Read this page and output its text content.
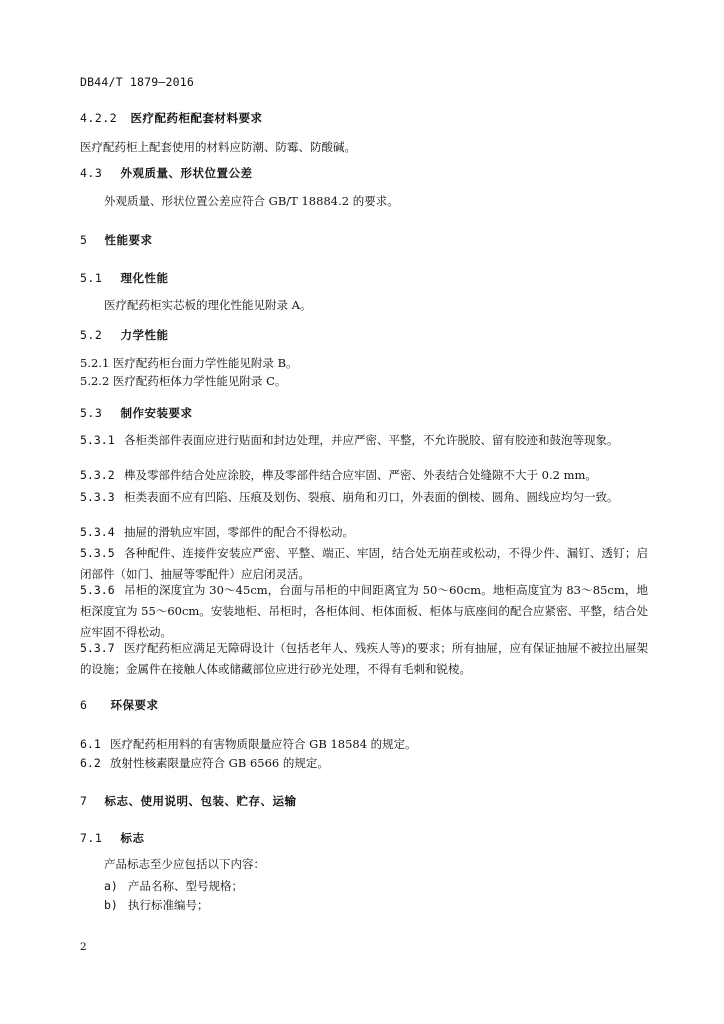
DB44/T 1879—2016
4.2.2 医疗配药柜配套材料要求
医疗配药柜上配套使用的材料应防潮、防霉、防酸碱。
4.3 外观质量、形状位置公差
外观质量、形状位置公差应符合 GB/T 18884.2 的要求。
5 性能要求
5.1 理化性能
医疗配药柜实芯板的理化性能见附录 A。
5.2 力学性能
5.2.1 医疗配药柜台面力学性能见附录 B。
5.2.2 医疗配药柜体力学性能见附录 C。
5.3 制作安装要求
5.3.1 各柜类部件表面应进行贴面和封边处理，并应严密、平整，不允许脱胶、留有胶迹和鼓泡等现象。
5.3.2 榫及零部件结合处应涂胶，榫及零部件结合应牢固、严密、外表结合处缝隙不大于 0.2 mm。
5.3.3 柜类表面不应有凹陷、压痕及划伤、裂痕、崩角和刃口，外表面的倒棱、圆角、圆线应均匀一致。
5.3.4 抽屉的滑轨应牢固，零部件的配合不得松动。
5.3.5 各种配件、连接件安装应严密、平整、端正、牢固，结合处无崩茬或松动，不得少件、漏钉、透钉；启闭部件（如门、抽屉等零配件）应启闭灵活。
5.3.6 吊柜的深度宜为 30～45cm，台面与吊柜的中间距离宜为 50～60cm。地柜高度宜为 83～85cm，地柜深度宜为 55～60cm。安装地柜、吊柜时，各柜体间、柜体面板、柜体与底座间的配合应紧密、平整，结合处应牢固不得松动。
5.3.7 医疗配药柜应满足无障碍设计（包括老年人、残疾人等)的要求；所有抽屉，应有保证抽屉不被拉出屉架的设施；金属件在接触人体或储藏部位应进行砂光处理，不得有毛刺和锐棱。
6 环保要求
6.1 医疗配药柜用料的有害物质限量应符合 GB 18584 的规定。
6.2 放射性核素限量应符合 GB 6566 的规定。
7 标志、使用说明、包装、贮存、运输
7.1 标志
产品标志至少应包括以下内容：
a) 产品名称、型号规格；
b) 执行标准编号；
2
